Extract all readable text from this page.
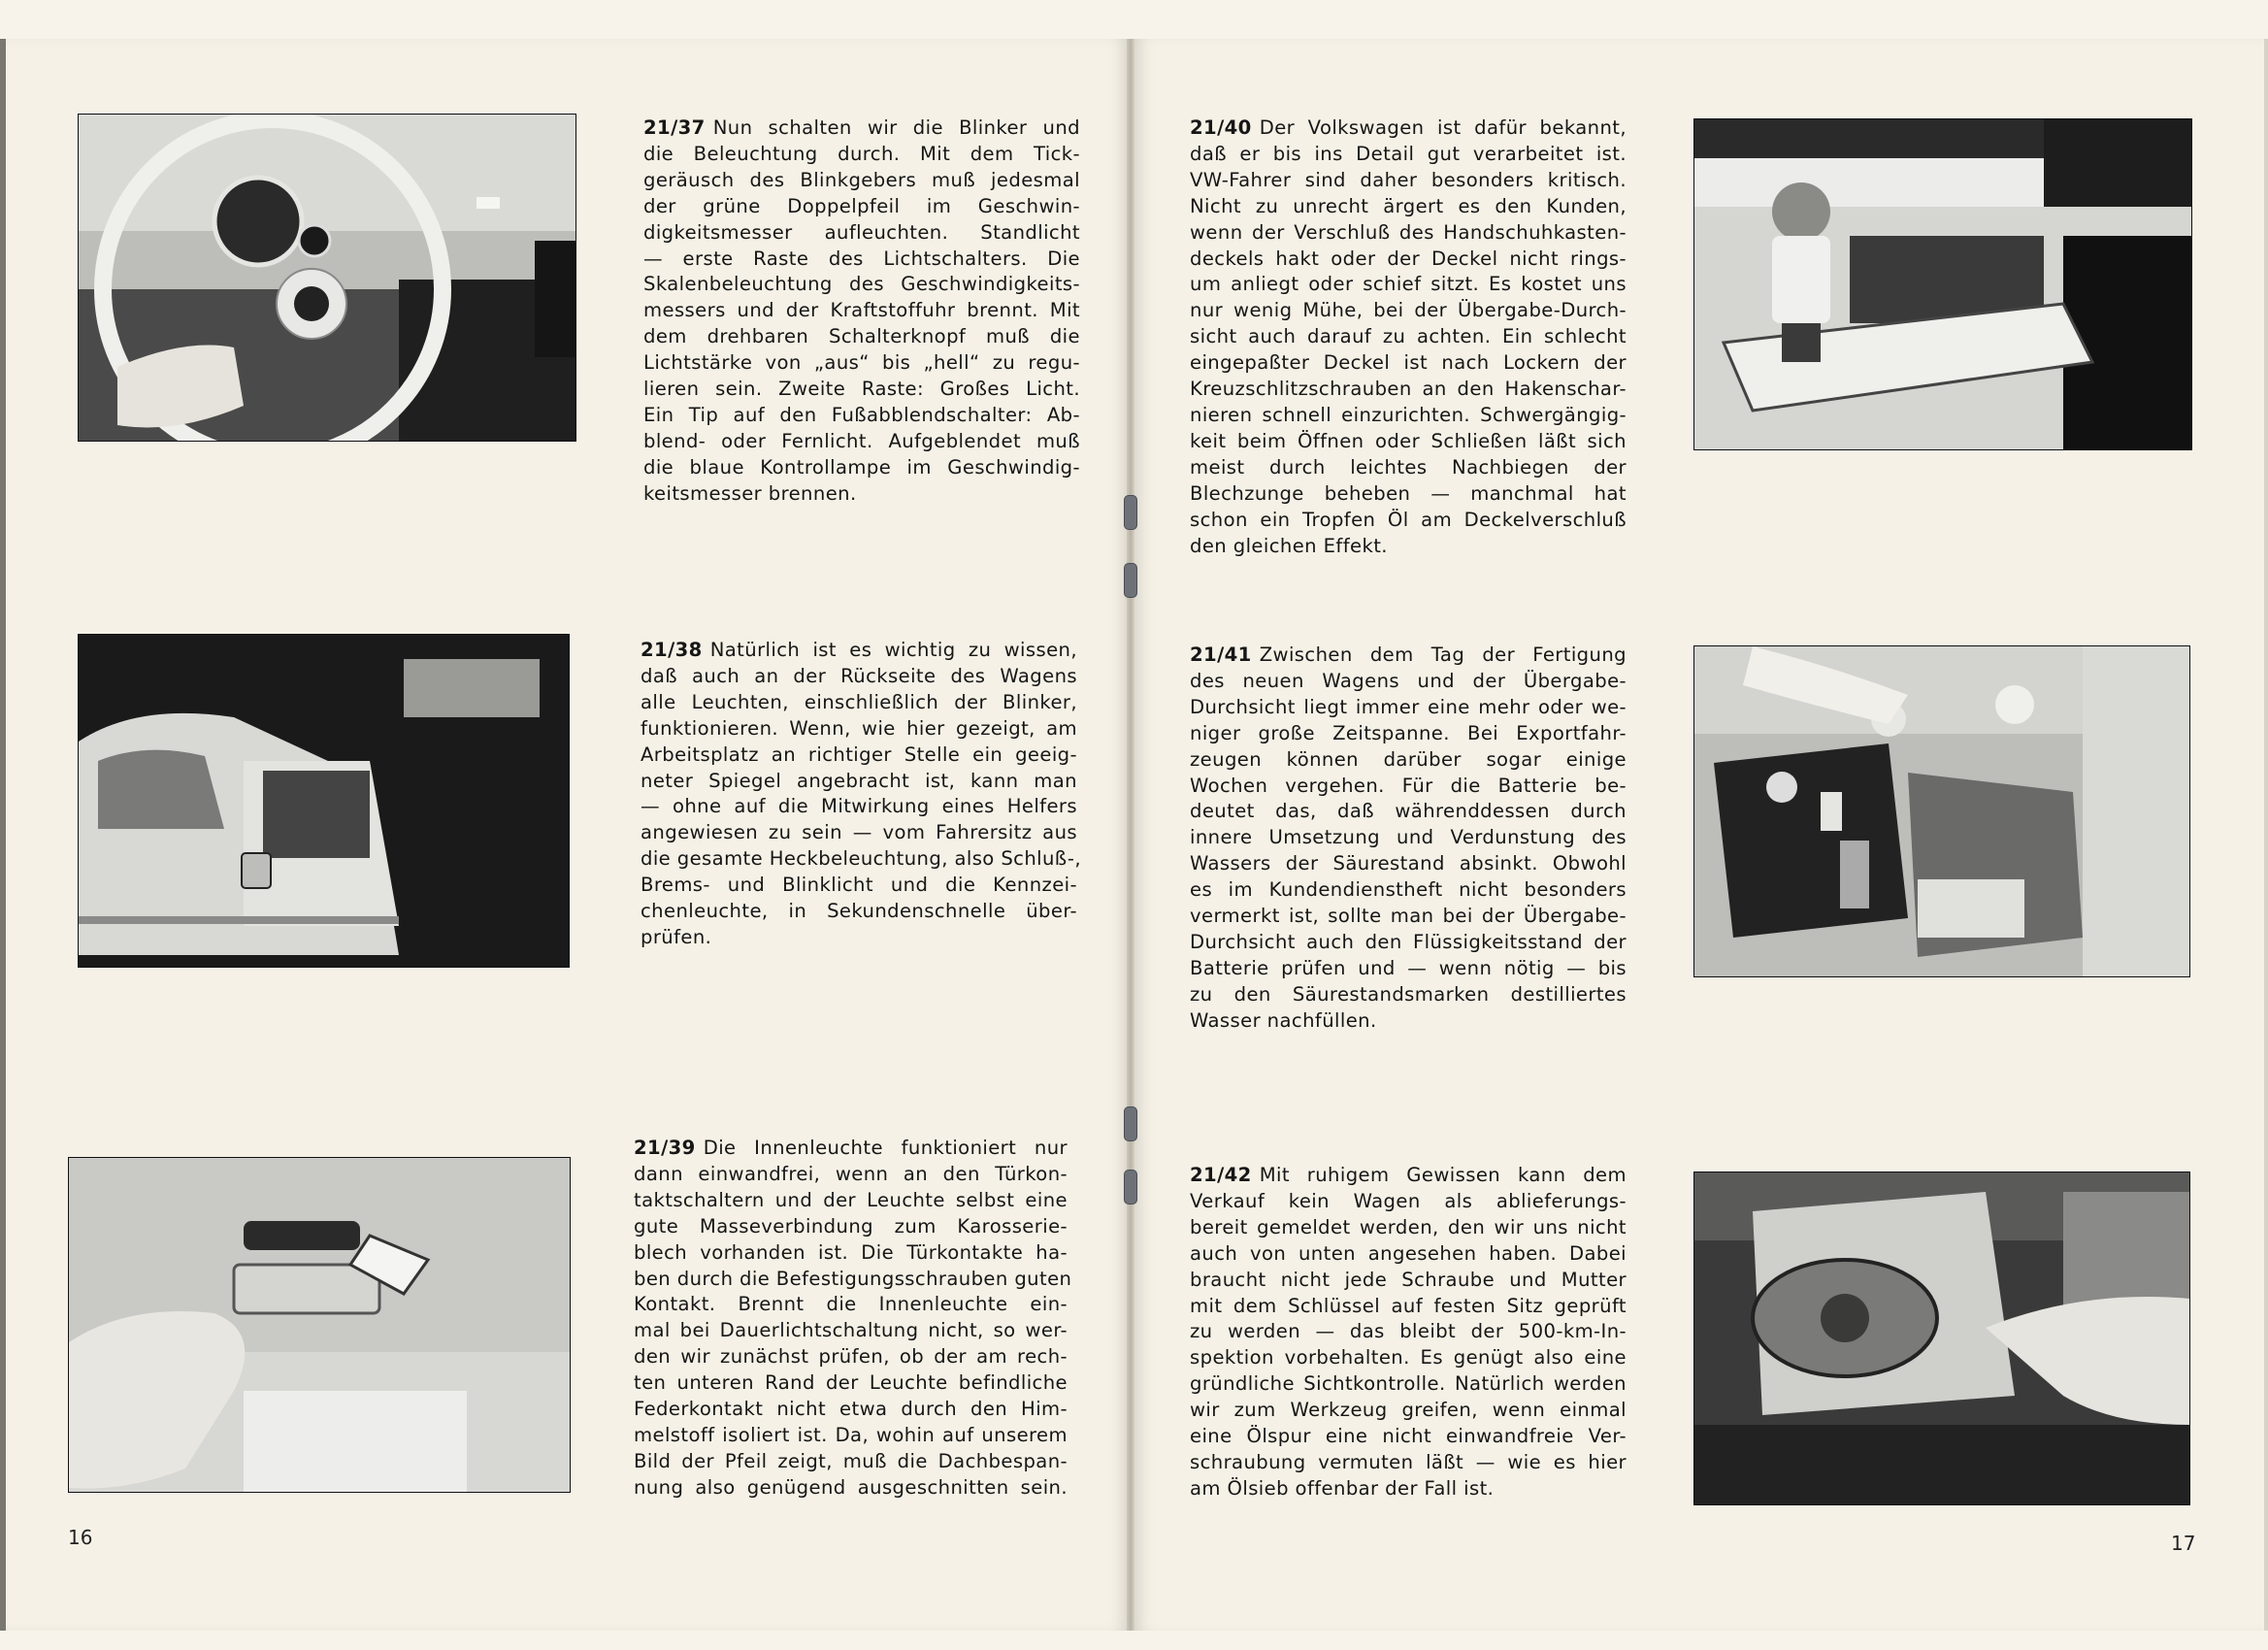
21/37 Nun schalten wir die Blinker und
die Beleuchtung durch. Mit dem Tick-
geräusch des Blinkgebers muß jedesmal
der grüne Doppelpfeil im Geschwin-
digkeitsmesser aufleuchten. Standlicht
— erste Raste des Lichtschalters. Die
Skalenbeleuchtung des Geschwindigkeits-
messers und der Kraftstoffuhr brennt. Mit
dem drehbaren Schalterknopf muß die
Lichtstärke von „aus“ bis „hell“ zu regu-
lieren sein. Zweite Raste: Großes Licht.
Ein Tip auf den Fußabblendschalter: Ab-
blend- oder Fernlicht. Aufgeblendet muß
die blaue Kontrollampe im Geschwindig-
keitsmesser brennen.
21/38 Natürlich ist es wichtig zu wissen,
daß auch an der Rückseite des Wagens
alle Leuchten, einschließlich der Blinker,
funktionieren. Wenn, wie hier gezeigt, am
Arbeitsplatz an richtiger Stelle ein geeig-
neter Spiegel angebracht ist, kann man
— ohne auf die Mitwirkung eines Helfers
angewiesen zu sein — vom Fahrersitz aus
die gesamte Heckbeleuchtung, also Schluß-,
Brems- und Blinklicht und die Kennzei-
chenleuchte, in Sekundenschnelle über-
prüfen.
21/39 Die Innenleuchte funktioniert nur
dann einwandfrei, wenn an den Türkon-
taktschaltern und der Leuchte selbst eine
gute Masseverbindung zum Karosserie-
blech vorhanden ist. Die Türkontakte ha-
ben durch die Befestigungsschrauben guten
Kontakt. Brennt die Innenleuchte ein-
mal bei Dauerlichtschaltung nicht, so wer-
den wir zunächst prüfen, ob der am rech-
ten unteren Rand der Leuchte befindliche
Federkontakt nicht etwa durch den Him-
melstoff isoliert ist. Da, wohin auf unserem
Bild der Pfeil zeigt, muß die Dachbespan-
nung also genügend ausgeschnitten sein.
21/40 Der Volkswagen ist dafür bekannt,
daß er bis ins Detail gut verarbeitet ist.
VW-Fahrer sind daher besonders kritisch.
Nicht zu unrecht ärgert es den Kunden,
wenn der Verschluß des Handschuhkasten-
deckels hakt oder der Deckel nicht rings-
um anliegt oder schief sitzt. Es kostet uns
nur wenig Mühe, bei der Übergabe-Durch-
sicht auch darauf zu achten. Ein schlecht
eingepaßter Deckel ist nach Lockern der
Kreuzschlitzschrauben an den Hakenschar-
nieren schnell einzurichten. Schwergängig-
keit beim Öffnen oder Schließen läßt sich
meist durch leichtes Nachbiegen der
Blechzunge beheben — manchmal hat
schon ein Tropfen Öl am Deckelverschluß
den gleichen Effekt.
21/41 Zwischen dem Tag der Fertigung
des neuen Wagens und der Übergabe-
Durchsicht liegt immer eine mehr oder we-
niger große Zeitspanne. Bei Exportfahr-
zeugen können darüber sogar einige
Wochen vergehen. Für die Batterie be-
deutet das, daß währenddessen durch
innere Umsetzung und Verdunstung des
Wassers der Säurestand absinkt. Obwohl
es im Kundendienstheft nicht besonders
vermerkt ist, sollte man bei der Übergabe-
Durchsicht auch den Flüssigkeitsstand der
Batterie prüfen und — wenn nötig — bis
zu den Säurestandsmarken destilliertes
Wasser nachfüllen.
21/42 Mit ruhigem Gewissen kann dem
Verkauf kein Wagen als ablieferungs-
bereit gemeldet werden, den wir uns nicht
auch von unten angesehen haben. Dabei
braucht nicht jede Schraube und Mutter
mit dem Schlüssel auf festen Sitz geprüft
zu werden — das bleibt der 500-km-In-
spektion vorbehalten. Es genügt also eine
gründliche Sichtkontrolle. Natürlich werden
wir zum Werkzeug greifen, wenn einmal
eine Ölspur eine nicht einwandfreie Ver-
schraubung vermuten läßt — wie es hier
am Ölsieb offenbar der Fall ist.
16	17
